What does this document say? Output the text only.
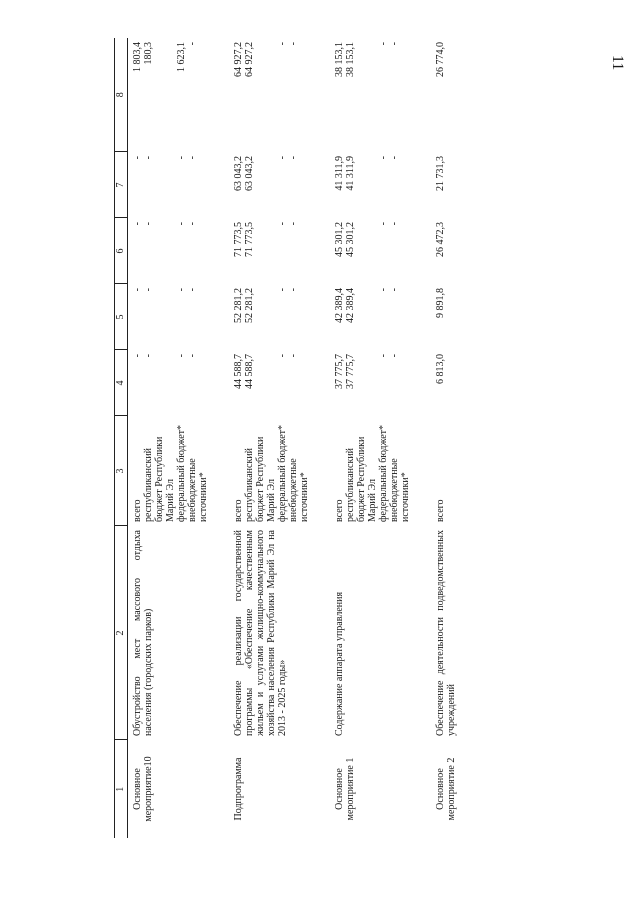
11
1	2	3	4	5	6	7	8
Основное мероприятие10	Обустройство мест массового отдыха населения (городских парков)	всего	-	-	-	-	1 803,4
		республиканский бюджет Республики Марий Эл	-	-	-	-	180,3
		федеральный бюджет*	-	-	-	-	1 623,1
		внебюджетные источники*	-	-	-	-	-

Подпрограмма	Обеспечение реализации государственной программы «Обеспечение качественным жильем и услугами жилищно-коммунального хозяйства населения Республики Марий Эл на 2013 - 2025 годы»	всего	44 588,7	52 281,2	71 773,5	63 043,2	64 927,2
		республиканский бюджет Республики Марий Эл	44 588,7	52 281,2	71 773,5	63 043,2	64 927,2
		федеральный бюджет*	-	-	-	-	-
		внебюджетные источники*	-	-	-	-	-

Основное мероприятие 1	Содержание аппарата управления	всего	37 775,7	42 389,4	45 301,2	41 311,9	38 153,1
		республиканский бюджет Республики Марий Эл	37 775,7	42 389,4	45 301,2	41 311,9	38 153,1
		федеральный бюджет*	-	-	-	-	-
		внебюджетные источники*	-	-	-	-	-

Основное мероприятие 2	Обеспечение деятельности подведомственных учреждений	всего	6 813,0	9 891,8	26 472,3	21 731,3	26 774,0
